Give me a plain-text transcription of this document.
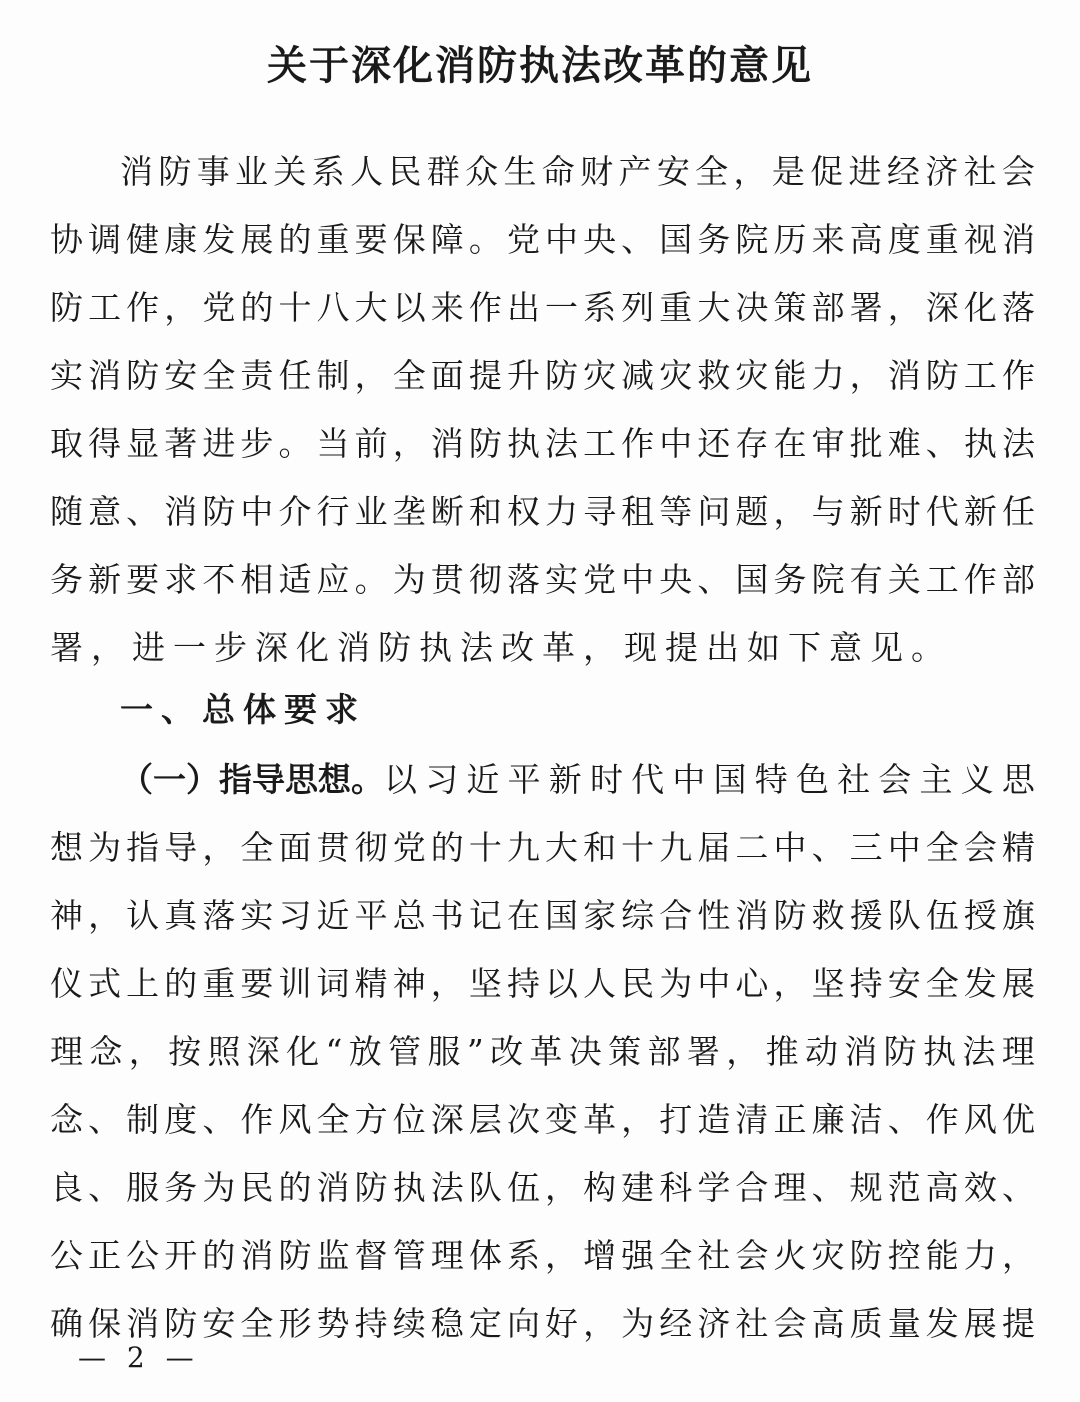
关于深化消防执法改革的意见
消 防 事 业 关 系 人 民 群 众 生 命 财 产 安 全 ， 是 促 进 经 济 社 会
协 调 健 康 发 展 的 重 要 保 障 。 党 中 央 、 国 务 院 历 来 高 度 重 视 消
防 工 作 ， 党 的 十 八 大 以 来 作 出 一 系 列 重 大 决 策 部 署 ， 深 化 落
实 消 防 安 全 责 任 制 ， 全 面 提 升 防 灾 减 灾 救 灾 能 力 ， 消 防 工 作
取 得 显 著 进 步 。 当 前 ， 消 防 执 法 工 作 中 还 存 在 审 批 难 、 执 法
随 意 、 消 防 中 介 行 业 垄 断 和 权 力 寻 租 等 问 题 ， 与 新 时 代 新 任
务 新 要 求 不 相 适 应 。 为 贯 彻 落 实 党 中 央 、 国 务 院 有 关 工 作 部
署 ， 进 一 步 深 化 消 防 执 法 改 革 ， 现 提 出 如 下 意 见 。
一、总体要求
（一）指导思想。 以 习 近 平 新 时 代 中 国 特 色 社 会 主 义 思
想 为 指 导 ， 全 面 贯 彻 党 的 十 九 大 和 十 九 届 二 中 、 三 中 全 会 精
神 ， 认 真 落 实 习 近 平 总 书 记 在 国 家 综 合 性 消 防 救 援 队 伍 授 旗
仪 式 上 的 重 要 训 词 精 神 ， 坚 持 以 人 民 为 中 心 ， 坚 持 安 全 发 展
理 念 ， 按 照 深 化 “ 放 管 服 ” 改 革 决 策 部 署 ， 推 动 消 防 执 法 理
念 、 制 度 、 作 风 全 方 位 深 层 次 变 革 ， 打 造 清 正 廉 洁 、 作 风 优
良 、 服 务 为 民 的 消 防 执 法 队 伍 ， 构 建 科 学 合 理 、 规 范 高 效 、
公 正 公 开 的 消 防 监 督 管 理 体 系 ， 增 强 全 社 会 火 灾 防 控 能 力 ，
确 保 消 防 安 全 形 势 持 续 稳 定 向 好 ， 为 经 济 社 会 高 质 量 发 展 提
— 2 —
